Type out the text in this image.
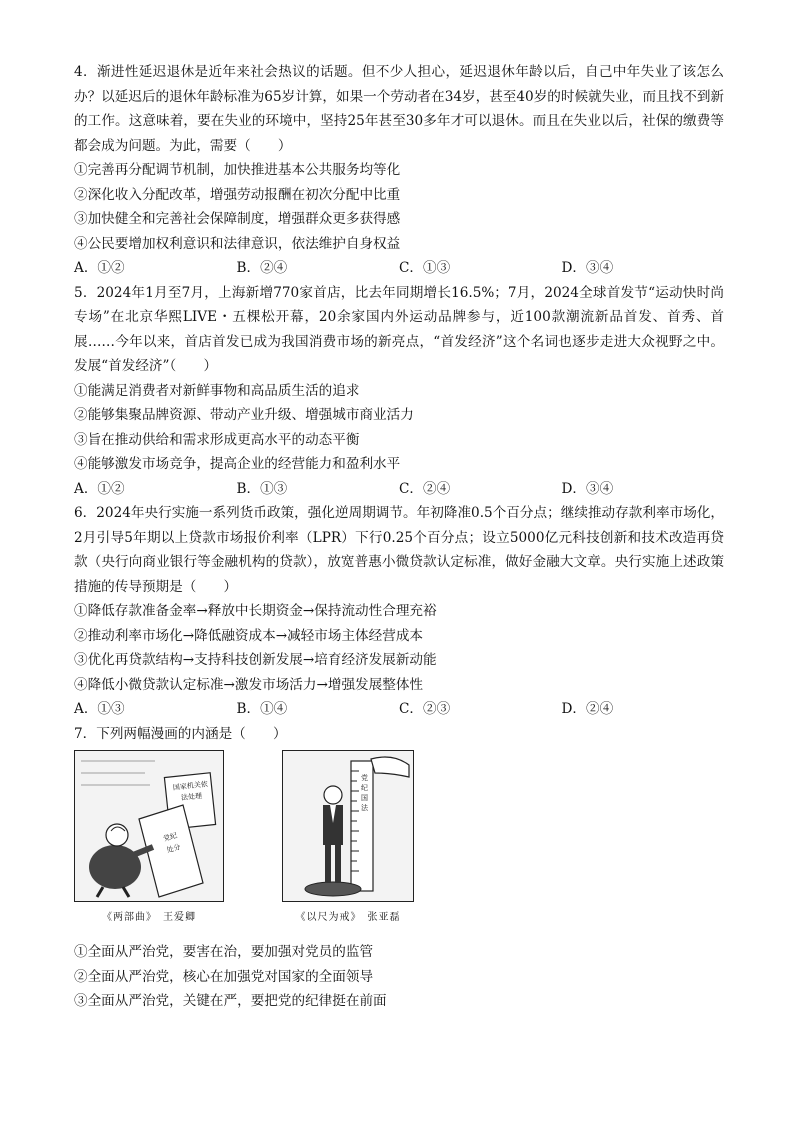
4．渐进性延迟退休是近年来社会热议的话题。但不少人担心，延迟退休年龄以后，自己中年失业了该怎么办？以延迟后的退休年龄标准为65岁计算，如果一个劳动者在34岁，甚至40岁的时候就失业，而且找不到新的工作。这意味着，要在失业的环境中，坚持25年甚至30多年才可以退休。而且在失业以后，社保的缴费等都会成为问题。为此，需要（　　）

①完善再分配调节机制，加快推进基本公共服务均等化

②深化收入分配改革，增强劳动报酬在初次分配中比重

③加快健全和完善社会保障制度，增强群众更多获得感

④公民要增加权利意识和法律意识，依法维护自身权益

A．①②	B．②④	C．①③	D．③④

5．2024年1月至7月，上海新增770家首店，比去年同期增长16.5%；7月，2024全球首发节“运动快时尚专场”在北京华熙LIVE・五棵松开幕，20余家国内外运动品牌参与，近100款潮流新品首发、首秀、首展……今年以来，首店首发已成为我国消费市场的新亮点，“首发经济”这个名词也逐步走进大众视野之中。发展“首发经济”（　　）

①能满足消费者对新鲜事物和高品质生活的追求

②能够集聚品牌资源、带动产业升级、增强城市商业活力

③旨在推动供给和需求形成更高水平的动态平衡

④能够激发市场竞争，提高企业的经营能力和盈利水平

A．①②	B．①③	C．②④	D．③④

6．2024年央行实施一系列货币政策，强化逆周期调节。年初降准0.5个百分点；继续推动存款利率市场化，2月引导5年期以上贷款市场报价利率（LPR）下行0.25个百分点；设立5000亿元科技创新和技术改造再贷款（央行向商业银行等金融机构的贷款），放宽普惠小微贷款认定标准，做好金融大文章。央行实施上述政策措施的传导预期是（　　）

①降低存款准备金率→释放中长期资金→保持流动性合理充裕

②推动利率市场化→降低融资成本→减轻市场主体经营成本

③优化再贷款结构→支持科技创新发展→培育经济发展新动能

④降低小微贷款认定标准→激发市场活力→增强发展整体性

A．①③	B．①④	C．②③	D．②④

7．下列两幅漫画的内涵是（　　）

国家机关依法处理
党纪处分
《两部曲》　王爱卿
党纪国法
《以尺为戒》　张亚磊

①全面从严治党，要害在治，要加强对党员的监管

②全面从严治党，核心在加强党对国家的全面领导

③全面从严治党，关键在严，要把党的纪律挺在前面
